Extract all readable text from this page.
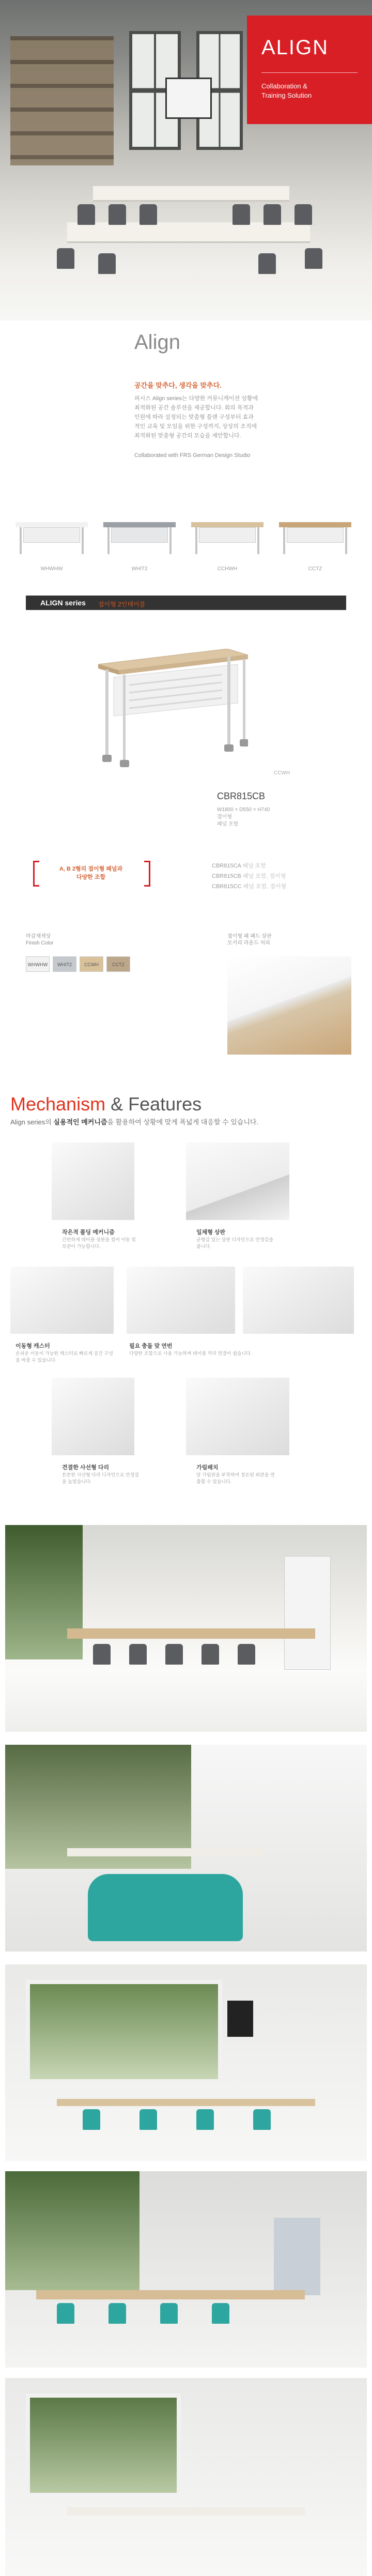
ALIGN
Collaboration &
Training Solution
Align
공간을 맞추다, 생각을 맞추다.
퍼시스 Align series는 다양한 커뮤니케이션 상황에 최적화된 공간 솔루션을 제공합니다. 회의 목적과 인원에 따라 설정되는 맞춤형 플랜 구성부터 효과적인 교육 및 모임을 위한 구성까지, 상상의 조직에 최적화된 맞춤형 공간의 모습을 제안합니다.
Collaborated with FRS German Design Studio
WHWHW	WHIT2	CCHWH	CCTZ
ALIGN series 접이형 2인테이블
CCWH
CBR815CB
W1800 × D550 × H740
접이형
패널 포함
A, B 2형의 접이형 패널과
다양한 조합
CBR815CA 패널 포함
CBR815CB 패널 포함, 접이형
CBR815CC 패널 포함, 접이형
마감재색상
Finish Color
접이형 패 패드 상판
모서리 라운드 처리
WHWHW	WHIT2	CCWH	CCTZ
Mechanism & Features
Align series의 실용적인 메커니즘을 활용하여 상황에 맞게 폭넓게 대응할 수 있습니다.
작은적 폴딩 메커니즘
간편하게 테이블 상판을 접어 이동 및 보관이 가능합니다.
일체형 상판
균형감 있는 상판 디자인으로 안정감을 줍니다.
이동형 캐스터
손쉬운 이동이 가능한 캐스터로 빠르게 공간 구성을 바꿀 수 있습니다.
필요 충돌 맞 연번
다양한 조합으로 사용 가능하며 테이블 끼리 연결이 쉽습니다.
견결한 사선형 다리
튼튼한 사선형 다리 디자인으로 안정감을 높였습니다.
가림패치
앞 가림판을 부착하여 정돈된 외관을 연출할 수 있습니다.
